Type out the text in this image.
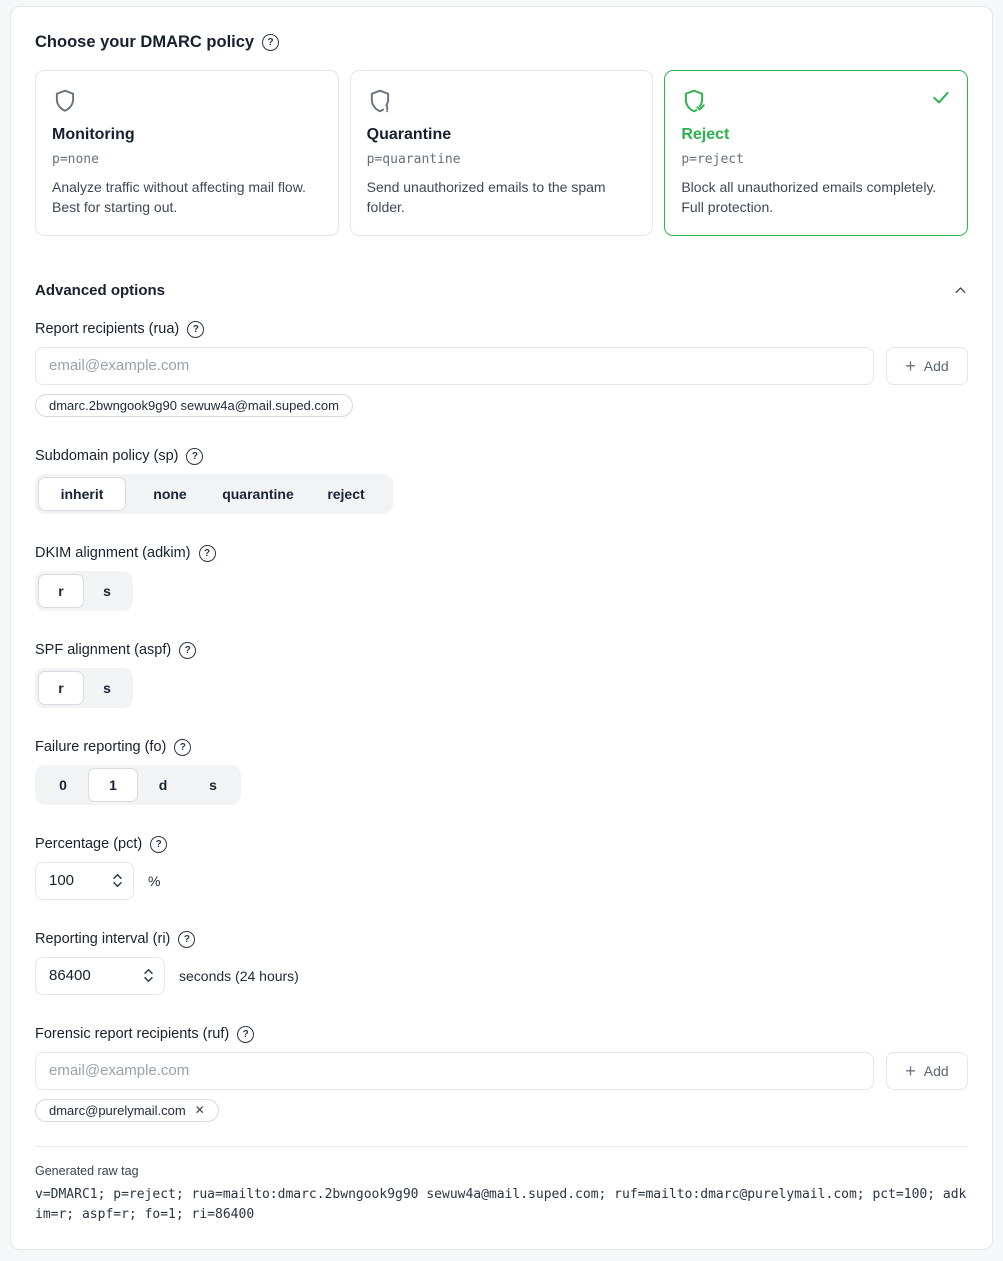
Choose your DMARC policy	?
Monitoring
p=none
Analyze traffic without affecting mail flow. Best for starting out.
Quarantine
p=quarantine
Send unauthorized emails to the spam folder.
Reject
p=reject
Block all unauthorized emails completely. Full protection.
Advanced options
Report recipients (rua)	?
email@example.com
+ Add
dmarc.2bwngook9g90 sewuw4a@mail.suped.com
Subdomain policy (sp)	?
inherit	none	quarantine	reject
DKIM alignment (adkim)	?
r	s
SPF alignment (aspf)	?
r	s
Failure reporting (fo)	?
0	1	d	s
Percentage (pct)	?
100	%
Reporting interval (ri)	?
86400	seconds (24 hours)
Forensic report recipients (ruf)	?
email@example.com
+ Add
dmarc@purelymail.com ✕
Generated raw tag
v=DMARC1; p=reject; rua=mailto:dmarc.2bwngook9g90 sewuw4a@mail.suped.com; ruf=mailto:dmarc@purelymail.com; pct=100; adkim=r; aspf=r; fo=1; ri=86400
